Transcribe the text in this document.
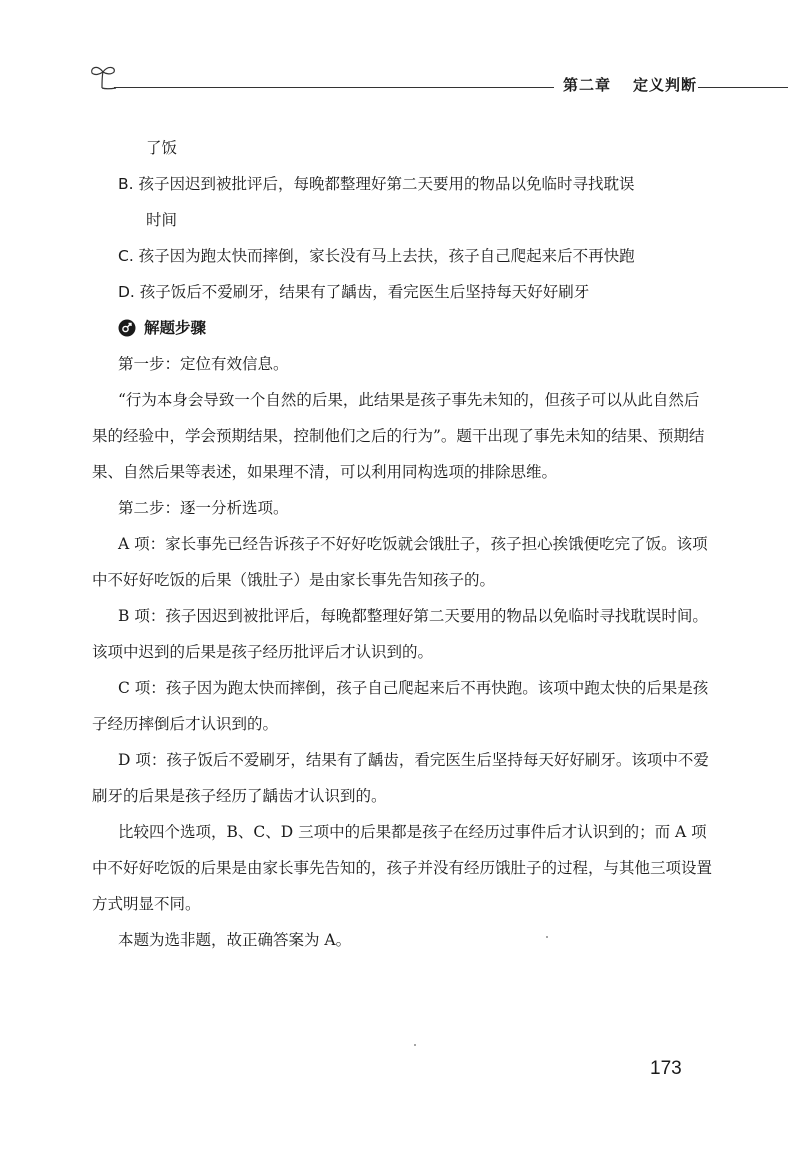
第二章 定义判断

了饭

B. 孩子因迟到被批评后，每晚都整理好第二天要用的物品以免临时寻找耽误

时间

C. 孩子因为跑太快而摔倒，家长没有马上去扶，孩子自己爬起来后不再快跑

D. 孩子饭后不爱刷牙，结果有了龋齿，看完医生后坚持每天好好刷牙

解题步骤

第一步：定位有效信息。

“行为本身会导致一个自然的后果，此结果是孩子事先未知的，但孩子可以从此自然后果的经验中，学会预期结果，控制他们之后的行为”。题干出现了事先未知的结果、预期结果、自然后果等表述，如果理不清，可以利用同构选项的排除思维。

第二步：逐一分析选项。

A 项：家长事先已经告诉孩子不好好吃饭就会饿肚子，孩子担心挨饿便吃完了饭。该项中不好好吃饭的后果（饿肚子）是由家长事先告知孩子的。

B 项：孩子因迟到被批评后，每晚都整理好第二天要用的物品以免临时寻找耽误时间。该项中迟到的后果是孩子经历批评后才认识到的。

C 项：孩子因为跑太快而摔倒，孩子自己爬起来后不再快跑。该项中跑太快的后果是孩子经历摔倒后才认识到的。

D 项：孩子饭后不爱刷牙，结果有了龋齿，看完医生后坚持每天好好刷牙。该项中不爱刷牙的后果是孩子经历了龋齿才认识到的。

比较四个选项，B、C、D 三项中的后果都是孩子在经历过事件后才认识到的；而 A 项中不好好吃饭的后果是由家长事先告知的，孩子并没有经历饿肚子的过程，与其他三项设置方式明显不同。

本题为选非题，故正确答案为 A。

173
